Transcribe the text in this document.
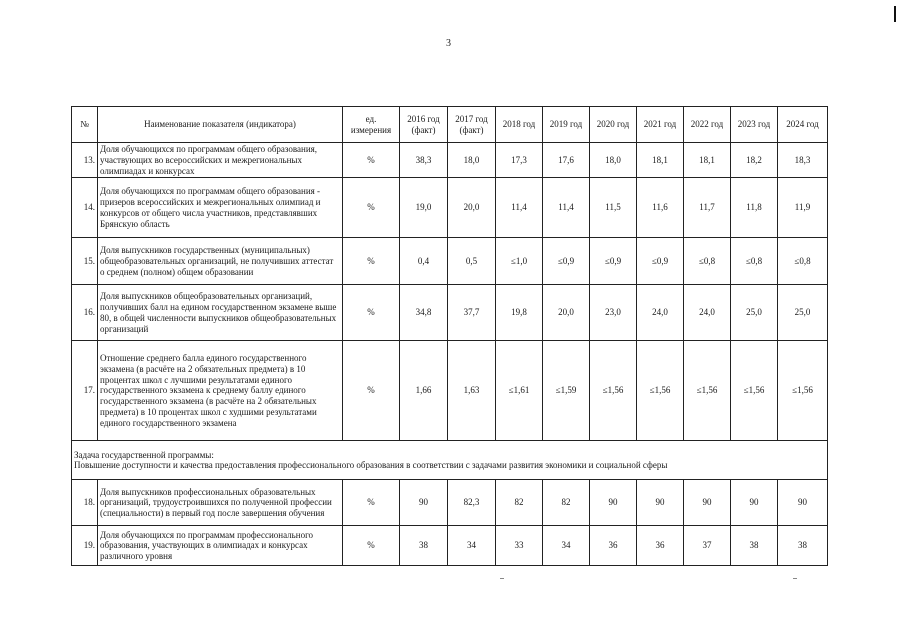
3
№	Наименование показателя (индикатора)	ед. измерения	2016 год (факт)	2017 год (факт)	2018 год	2019 год	2020 год	2021 год	2022 год	2023 год	2024 год
13.	Доля обучающихся по программам общего образования, участвующих во всероссийских и межрегиональных олимпиадах и конкурсах	%	38,3	18,0	17,3	17,6	18,0	18,1	18,1	18,2	18,3
14.	Доля обучающихся по программам общего образования - призеров всероссийских и межрегиональных олимпиад и конкурсов от общего числа участников, представлявших Брянскую область	%	19,0	20,0	11,4	11,4	11,5	11,6	11,7	11,8	11,9
15.	Доля выпускников государственных (муниципальных) общеобразовательных организаций, не получивших аттестат о среднем (полном) общем образовании	%	0,4	0,5	≤1,0	≤0,9	≤0,9	≤0,9	≤0,8	≤0,8	≤0,8
16.	Доля выпускников общеобразовательных организаций, получивших балл на едином государственном экзамене выше 80, в общей численности выпускников общеобразовательных организаций	%	34,8	37,7	19,8	20,0	23,0	24,0	24,0	25,0	25,0
17.	Отношение среднего балла единого государственного экзамена (в расчёте на 2 обязательных предмета) в 10 процентах школ с лучшими результатами единого государственного экзамена к среднему баллу единого государственного экзамена (в расчёте на 2 обязательных предмета) в 10 процентах школ с худшими результатами единого государственного экзамена	%	1,66	1,63	≤1,61	≤1,59	≤1,56	≤1,56	≤1,56	≤1,56	≤1,56

Задача государственной программы:
Повышение доступности и качества предоставления профессионального образования в соответствии с задачами развития экономики и социальной сферы											

18.	Доля выпускников профессиональных образовательных организаций, трудоустроившихся по полученной профессии (специальности) в первый год после завершения обучения	%	90	82,3	82	82	90	90	90	90	90
19.	Доля обучающихся по программам профессионального образования, участвующих в олимпиадах и конкурсах различного уровня	%	38	34	33	34	36	36	37	38	38
